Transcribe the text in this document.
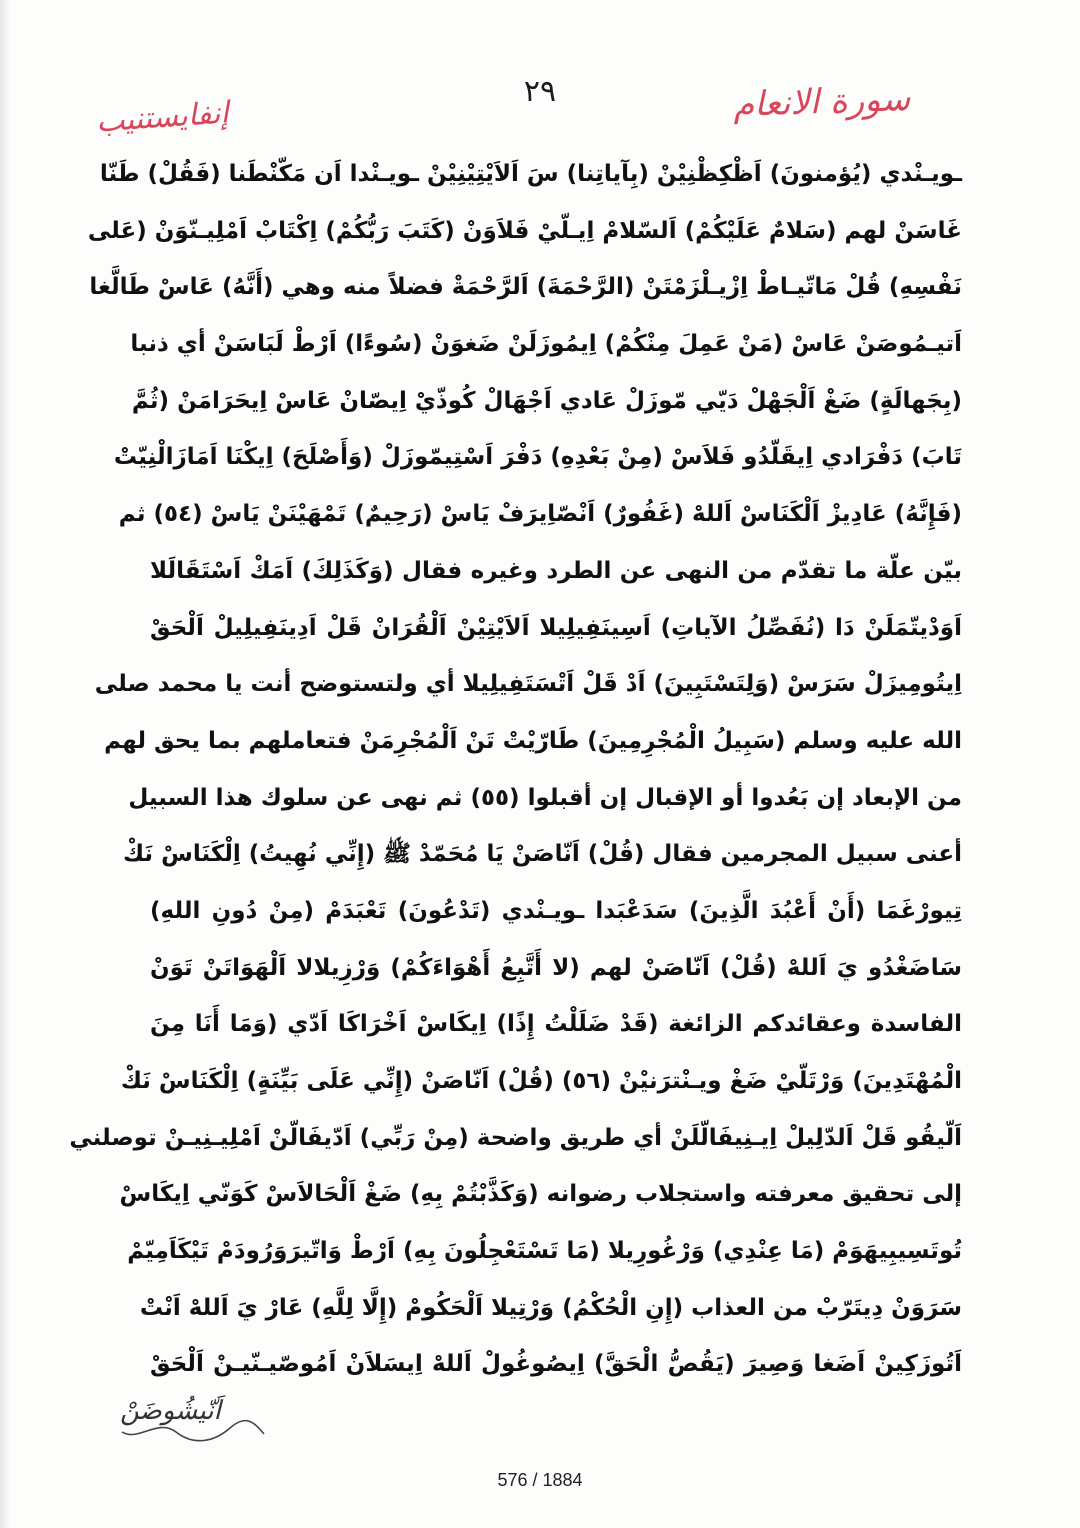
إنفايستنيب
٢٩	سورة الانعام
ـويـنْدي (يُؤمنونَ) اَظْكِظْنِيْنْ (بِآياتِنا) سَ اَلاَيْتِيْنِيْنْ ـويـنْدا اَن مَكّنْطَنا (فَقُلْ) طَنّا
غَاسَنْ لهم (سَلامٌ عَلَيْكُمْ) اَلسّلامْ اِيـلّيْ فَلاَوَنْ (كَتَبَ رَبُّكُمْ) اِكْتَابْ اَمْلِيـنّوَنْ (عَلى
نَفْسِهِ) قُلْ مَاتّيـاطْ اِزْيـلْزَمْتَنْ (الرَّحْمَةَ) اَلرَّحْمَةْ فضلاً منه وهي (أَنَّهُ) عَاسْ طَالَّغا
اَتيـمُوصَنْ عَاسْ (مَنْ عَمِلَ مِنْكُمْ) اِيمُوزَلَنْ ضَغوَنْ (سُوءًا) اَرْطْ لَبَاسَنْ أي ذنبا
(بِجَهالَةٍ) ضَغْ اَلْجَهْلْ دَيّي مّوزَلْ عَادي اَجْهَالْ كُوذّيْ اِيصّانْ عَاسْ اِيحَرَامَنْ (ثُمَّ
تَابَ) دَفْرَادي اِيقَلّدُو فَلاَسْ (مِنْ بَعْدِهِ) دَفْرَ اَسْتِيمّوزَلْ (وَأَصْلَحَ) اِيكْنَا اَمَازَالْنِيّتْ
(فَإِنَّهُ) عَادِيزْ اَلْكَنَاسْ اَللهْ (غَفُورٌ) اَنْصّاِيرَفْ يَاسْ (رَحِيمٌ) تَمْهَيْنَنْ يَاسْ (٥٤) ثم
بيّن علّة ما تقدّم من النهى عن الطرد وغيره فقال (وَكَذَلِكَ) اَمَكْ اَسْتَقَالَلا
اَوَدْيتّمَلَنْ دَا (نُفَصِّلُ الآياتِ) اَسِينَفِيلِيلا اَلاَيْتِيْنْ اَلْقُرَانْ قَلْ اَدِينَفِيلِيلْ اَلْحَقْ
اِيتُومِيزَلْ سَرَسْ (وَلِتَسْتَبِينَ) اَدْ قَلْ اَتْسَتَفِيلِيلا أي ولتستوضح أنت يا محمد صلى
الله عليه وسلم (سَبِيلُ الْمُجْرِمِينَ) طَارّيْتْ تَنْ اَلْمُجْرِمَنْ فتعاملهم بما يحق لهم
من الإبعاد إن بَعُدوا أو الإقبال إن أقبلوا (٥٥) ثم نهى عن سلوك هذا السبيل
أعنى سبيل المجرمين فقال (قُلْ) اَنّاصَنْ يَا مُحَمّدْ ﷺ (إِنِّي نُهِيتُ) اِلْكَنَاسْ نَكْ
تِيورْغَمَا (أَنْ أَعْبُدَ الَّذِينَ) سَدَعْبَدا ـويـنْدي (تَدْعُونَ) تَعْبَدَمْ (مِنْ دُونِ اللهِ)
سَاضَغْدُو يَ اَللهْ (قُلْ) اَنّاصَنْ لهم (لا أَتَّبِعُ أَهْوَاءَكُمْ) وَرْزِيلالا اَلْهَوَاتَنْ تَوَنْ
الفاسدة وعقائدكم الزائغة (قَدْ ضَلَلْتُ إِذًا) اِيكَاسْ اَخْرَاكَا اَدّي (وَمَا أَنَا مِنَ
الْمُهْتَدِينَ) وَرْتَلّيْ ضَغْ ويـنْترَنيْنْ (٥٦) (قُلْ) اَنّاصَنْ (إِنِّي عَلَى بَيِّنَةٍ) اِلْكَنَاسْ نَكْ
اَلّيقُو قَلْ اَلدّلِيلْ اِيـنِيفَالّلَنْ أي طريق واضحة (مِنْ رَبِّي) اَدّيفَالّنْ اَمْلِيـنِيـنْ توصلني
إلى تحقيق معرفته واستجلاب رضوانه (وَكَذَّبْتُمْ بِهِ) ضَغْ اَلْحَالاَسْ كَوَنّي اِيكَاسْ
تُوتَسِيبِيهَوَمْ (مَا عِنْدِي) وَرْغُورِيلا (مَا تَسْتَعْجِلُونَ بِهِ) اَرْطْ وَاتّيرَوَرُودَمْ تَيْكَاَمِيّمْ
سَرَوَنْ دِيتَرّبْ من العذاب (إِنِ الْحُكْمُ) وَرْتِيلا اَلْحَكُومْ (إِلَّا لِلَّهِ) عَارْ يَ اَللهْ اَنْتْ
اَتُوزَكِينْ اَضَغا وَصِيرَ (يَقُصُّ الْحَقَّ) اِيصُوغُولْ اَللهْ اِيسَلاَنْ اَمُوصّيـنّيـنْ اَلْحَقْ
اَنّيشُوضَنْ
576 / 1884
